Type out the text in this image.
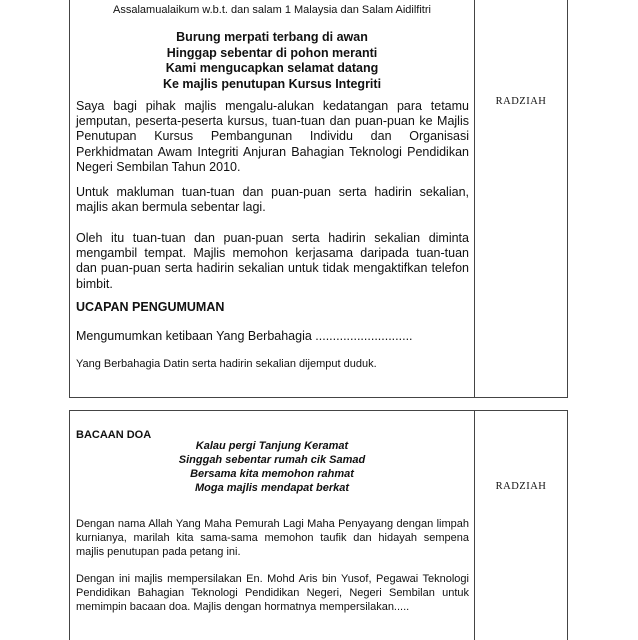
Assalamualaikum w.b.t. dan salam 1 Malaysia dan Salam Aidilfitri
Burung merpati terbang di awan
Hinggap sebentar di pohon meranti
Kami mengucapkan selamat datang
Ke majlis penutupan Kursus Integriti

Saya bagi pihak majlis mengalu-alukan kedatangan para tetamu jemputan, peserta-peserta kursus, tuan-tuan dan puan-puan ke Majlis Penutupan Kursus Pembangunan Individu dan Organisasi Perkhidmatan Awam Integriti Anjuran Bahagian Teknologi Pendidikan Negeri Sembilan Tahun 2010.

Untuk makluman tuan-tuan dan puan-puan serta hadirin sekalian, majlis akan bermula sebentar lagi.

Oleh itu tuan-tuan dan puan-puan serta hadirin sekalian diminta mengambil tempat. Majlis memohon kerjasama daripada tuan-tuan dan puan-puan serta hadirin sekalian untuk tidak mengaktifkan telefon bimbit.

UCAPAN PENGUMUMAN

Mengumumkan ketibaan Yang Berbahagia ............................

Yang Berbahagia Datin serta hadirin sekalian dijemput duduk.

RADZIAH
BACAAN DOA
Kalau pergi Tanjung Keramat
Singgah sebentar rumah cik Samad
Bersama kita memohon rahmat
Moga majlis mendapat berkat

Dengan nama Allah Yang Maha Pemurah Lagi Maha Penyayang dengan limpah kurnianya, marilah kita sama-sama memohon taufik dan hidayah sempena majlis penutupan pada petang ini.

Dengan ini majlis mempersilakan En. Mohd Aris bin Yusof, Pegawai Teknologi Pendidikan Bahagian Teknologi Pendidikan Negeri, Negeri Sembilan untuk memimpin bacaan doa. Majlis dengan hormatnya mempersilakan.....

RADZIAH
